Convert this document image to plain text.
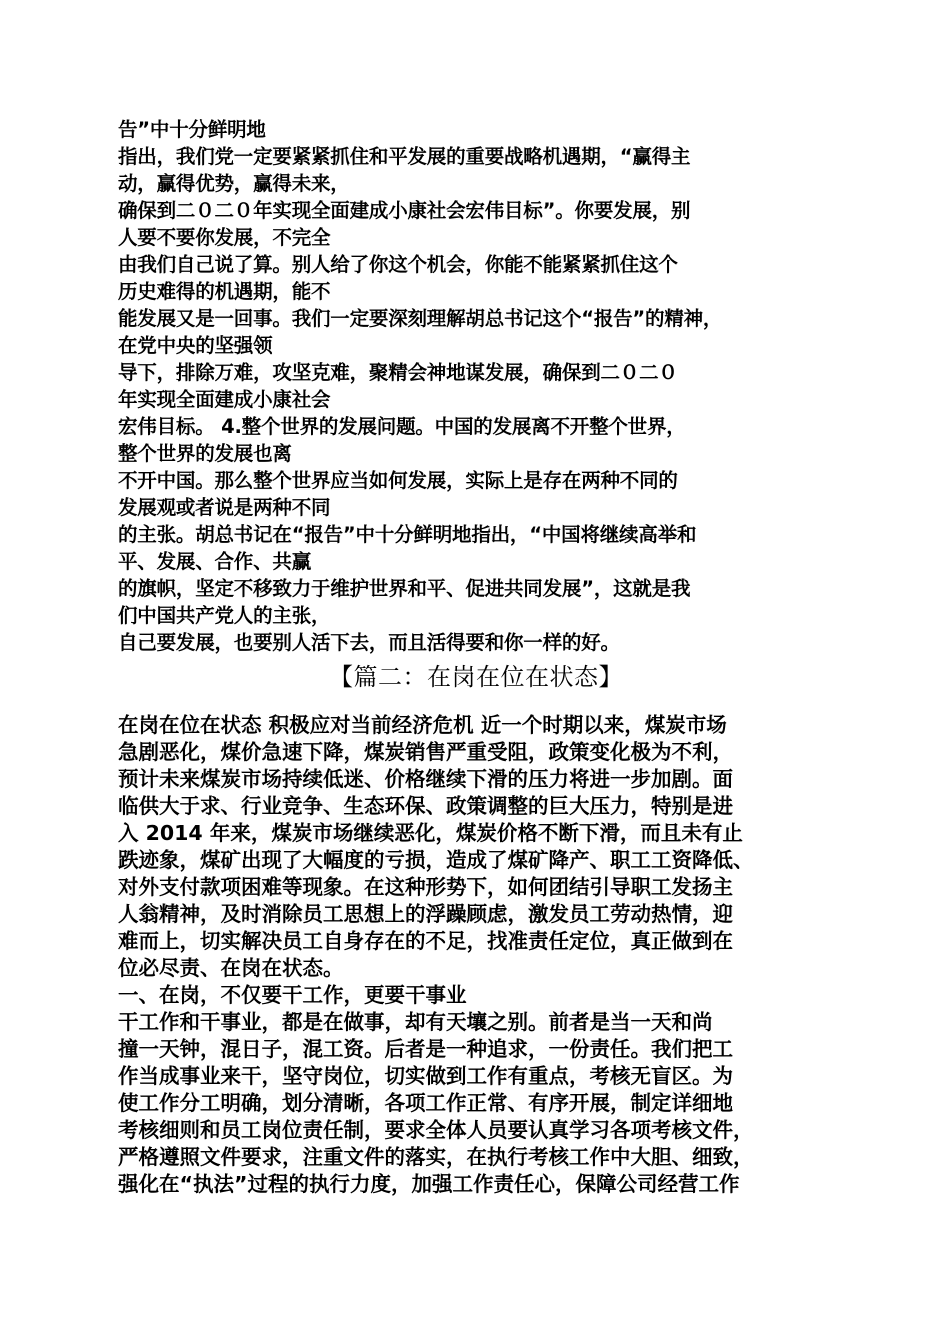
告”中十分鲜明地
指出，我们党一定要紧紧抓住和平发展的重要战略机遇期，“赢得主
动，赢得优势，赢得未来，
确保到二０二０年实现全面建成小康社会宏伟目标”。你要发展，别
人要不要你发展，不完全
由我们自己说了算。别人给了你这个机会，你能不能紧紧抓住这个
历史难得的机遇期，能不
能发展又是一回事。我们一定要深刻理解胡总书记这个“报告”的精神，
在党中央的坚强领
导下，排除万难，攻坚克难，聚精会神地谋发展，确保到二０二０
年实现全面建成小康社会
宏伟目标。 4.整个世界的发展问题。中国的发展离不开整个世界，
整个世界的发展也离
不开中国。那么整个世界应当如何发展，实际上是存在两种不同的
发展观或者说是两种不同
的主张。胡总书记在“报告”中十分鲜明地指出，“中国将继续高举和
平、发展、合作、共赢
的旗帜，坚定不移致力于维护世界和平、促进共同发展”，这就是我
们中国共产党人的主张，
自己要发展，也要别人活下去，而且活得要和你一样的好。
【篇二：在岗在位在状态】
在岗在位在状态 积极应对当前经济危机 近一个时期以来，煤炭市场
急剧恶化，煤价急速下降，煤炭销售严重受阻，政策变化极为不利，
预计未来煤炭市场持续低迷、价格继续下滑的压力将进一步加剧。面
临供大于求、行业竞争、生态环保、政策调整的巨大压力，特别是进
入 2014 年来，煤炭市场继续恶化，煤炭价格不断下滑，而且未有止
跌迹象，煤矿出现了大幅度的亏损，造成了煤矿降产、职工工资降低、
对外支付款项困难等现象。在这种形势下，如何团结引导职工发扬主
人翁精神，及时消除员工思想上的浮躁顾虑，激发员工劳动热情，迎
难而上，切实解决员工自身存在的不足，找准责任定位，真正做到在
位必尽责、在岗在状态。
一、在岗，不仅要干工作，更要干事业
干工作和干事业，都是在做事，却有天壤之别。前者是当一天和尚
撞一天钟，混日子，混工资。后者是一种追求，一份责任。我们把工
作当成事业来干，坚守岗位，切实做到工作有重点，考核无盲区。为
使工作分工明确，划分清晰，各项工作正常、有序开展，制定详细地
考核细则和员工岗位责任制，要求全体人员要认真学习各项考核文件，
严格遵照文件要求，注重文件的落实，在执行考核工作中大胆、细致，
强化在“执法”过程的执行力度，加强工作责任心，保障公司经营工作
